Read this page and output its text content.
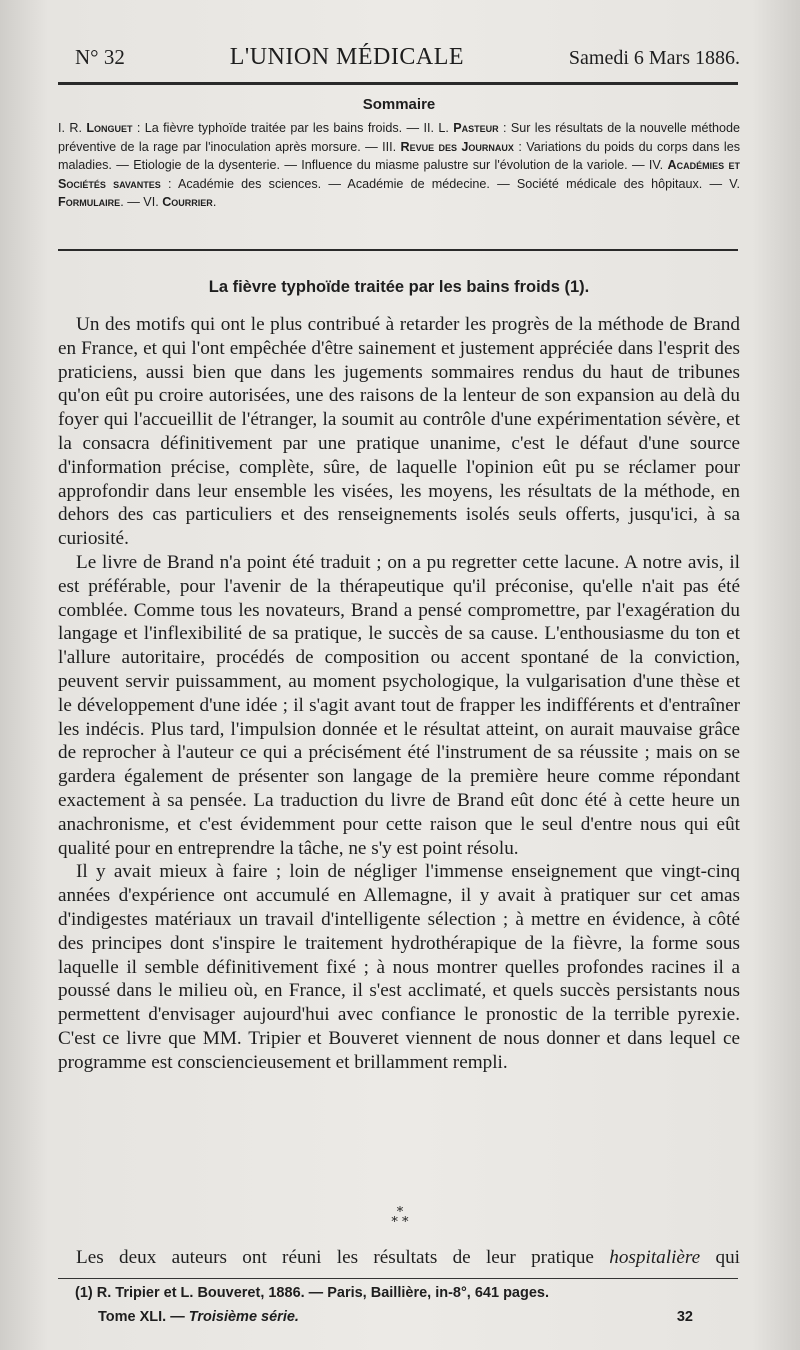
N° 32	L'UNION MÉDICALE	Samedi 6 Mars 1886.
Sommaire

I. R. Longuet : La fièvre typhoïde traitée par les bains froids. — II. L. Pasteur : Sur les résultats de la nouvelle méthode préventive de la rage par l'inoculation après morsure. — III. Revue des Journaux : Variations du poids du corps dans les maladies. — Etiologie de la dysenterie. — Influence du miasme palustre sur l'évolution de la variole. — IV. Académies et Sociétés savantes : Académie des sciences. — Académie de médecine. — Société médicale des hôpitaux. — V. Formulaire. — VI. Courrier.

La fièvre typhoïde traitée par les bains froids (1).

Un des motifs qui ont le plus contribué à retarder les progrès de la méthode de Brand en France, et qui l'ont empêchée d'être sainement et justement appréciée dans l'esprit des praticiens, aussi bien que dans les jugements sommaires rendus du haut de tribunes qu'on eût pu croire autorisées, une des raisons de la lenteur de son expansion au delà du foyer qui l'accueillit de l'étranger, la soumit au contrôle d'une expérimentation sévère, et la consacra définitivement par une pratique unanime, c'est le défaut d'une source d'information précise, complète, sûre, de laquelle l'opinion eût pu se réclamer pour approfondir dans leur ensemble les visées, les moyens, les résultats de la méthode, en dehors des cas particuliers et des renseignements isolés seuls offerts, jusqu'ici, à sa curiosité.

Le livre de Brand n'a point été traduit ; on a pu regretter cette lacune. A notre avis, il est préférable, pour l'avenir de la thérapeutique qu'il préconise, qu'elle n'ait pas été comblée. Comme tous les novateurs, Brand a pensé compromettre, par l'exagération du langage et l'inflexibilité de sa pratique, le succès de sa cause. L'enthousiasme du ton et l'allure autoritaire, procédés de composition ou accent spontané de la conviction, peuvent servir puissamment, au moment psychologique, la vulgarisation d'une thèse et le développement d'une idée ; il s'agit avant tout de frapper les indifférents et d'entraîner les indécis. Plus tard, l'impulsion donnée et le résultat atteint, on aurait mauvaise grâce de reprocher à l'auteur ce qui a précisément été l'instrument de sa réussite ; mais on se gardera également de présenter son langage de la première heure comme répondant exactement à sa pensée. La traduction du livre de Brand eût donc été à cette heure un anachronisme, et c'est évidemment pour cette raison que le seul d'entre nous qui eût qualité pour en entreprendre la tâche, ne s'y est point résolu.

Il y avait mieux à faire ; loin de négliger l'immense enseignement que vingt-cinq années d'expérience ont accumulé en Allemagne, il y avait à pratiquer sur cet amas d'indigestes matériaux un travail d'intelligente sélection ; à mettre en évidence, à côté des principes dont s'inspire le traitement hydrothérapique de la fièvre, la forme sous laquelle il semble définitivement fixé ; à nous montrer quelles profondes racines il a poussé dans le milieu où, en France, il s'est acclimaté, et quels succès persistants nous permettent d'envisager aujourd'hui avec confiance le pronostic de la terrible pyrexie. C'est ce livre que MM. Tripier et Bouveret viennent de nous donner et dans lequel ce programme est consciencieusement et brillamment rempli.

*
* *
Les deux auteurs ont réuni les résultats de leur pratique hospitalière qui
(1) R. Tripier et L. Bouveret, 1886. — Paris, Baillière, in-8°, 641 pages.
Tome XLI. — Troisième série.	32
